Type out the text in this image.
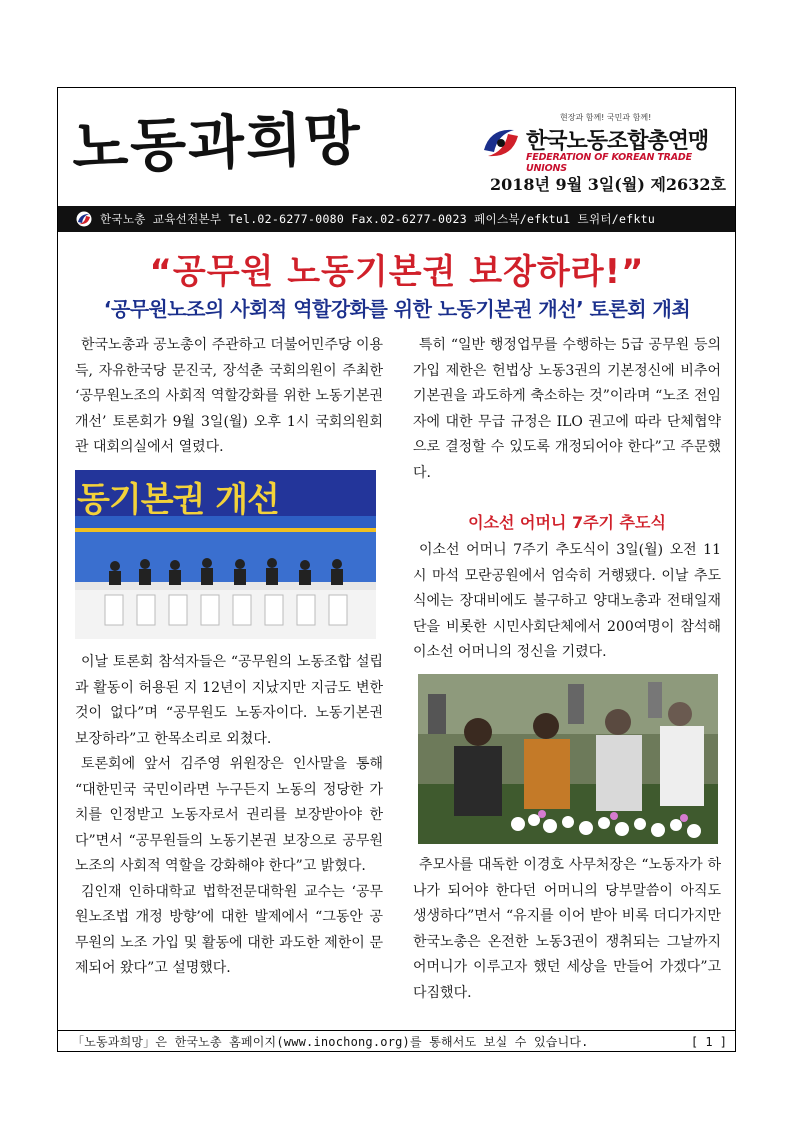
노동과희망	현장과 함께! 국민과 함께!
한국노동조합총연맹
FEDERATION OF KOREAN TRADE UNIONS
2018년 9월 3일(월) 제2632호
한국노총 교육선전본부 Tel.02-6277-0080 Fax.02-6277-0023 페이스북/efktu1 트위터/efktu
“공무원 노동기본권 보장하라!”
‘공무원노조의 사회적 역할강화를 위한 노동기본권 개선’ 토론회 개최

한국노총과 공노총이 주관하고 더불어민주당 이용득, 자유한국당 문진국, 장석춘 국회의원이 주최한 ‘공무원노조의 사회적 역할강화를 위한 노동기본권 개선’ 토론회가 9월 3일(월) 오후 1시 국회의원회관 대회의실에서 열렸다.

동기본권 개선

이날 토론회 참석자들은 “공무원의 노동조합 설립과 활동이 허용된 지 12년이 지났지만 지금도 변한 것이 없다”며 “공무원도 노동자이다. 노동기본권 보장하라”고 한목소리로 외쳤다.

토론회에 앞서 김주영 위원장은 인사말을 통해 “대한민국 국민이라면 누구든지 노동의 정당한 가치를 인정받고 노동자로서 권리를 보장받아야 한다”면서 “공무원들의 노동기본권 보장으로 공무원노조의 사회적 역할을 강화해야 한다”고 밝혔다.

김인재 인하대학교 법학전문대학원 교수는 ‘공무원노조법 개정 방향’에 대한 발제에서 “그동안 공무원의 노조 가입 및 활동에 대한 과도한 제한이 문제되어 왔다”고 설명했다.

특히 “일반 행정업무를 수행하는 5급 공무원 등의 가입 제한은 헌법상 노동3권의 기본정신에 비추어 기본권을 과도하게 축소하는 것”이라며 “노조 전임자에 대한 무급 규정은 ILO 권고에 따라 단체협약으로 결정할 수 있도록 개정되어야 한다”고 주문했다.

이소선 어머니 7주기 추도식

이소선 어머니 7주기 추도식이 3일(월) 오전 11시 마석 모란공원에서 엄숙히 거행됐다. 이날 추도식에는 장대비에도 불구하고 양대노총과 전태일재단을 비롯한 시민사회단체에서 200여명이 참석해 이소선 어머니의 정신을 기렸다.

추모사를 대독한 이경호 사무처장은 “노동자가 하나가 되어야 한다던 어머니의 당부말씀이 아직도 생생하다”면서 “유지를 이어 받아 비록 더디가지만 한국노총은 온전한 노동3권이 쟁취되는 그날까지 어머니가 이루고자 했던 세상을 만들어 가겠다”고 다짐했다.

「노동과희망」은 한국노총 홈페이지(www.inochong.org)를 통해서도 보실 수 있습니다.	[ 1 ]
